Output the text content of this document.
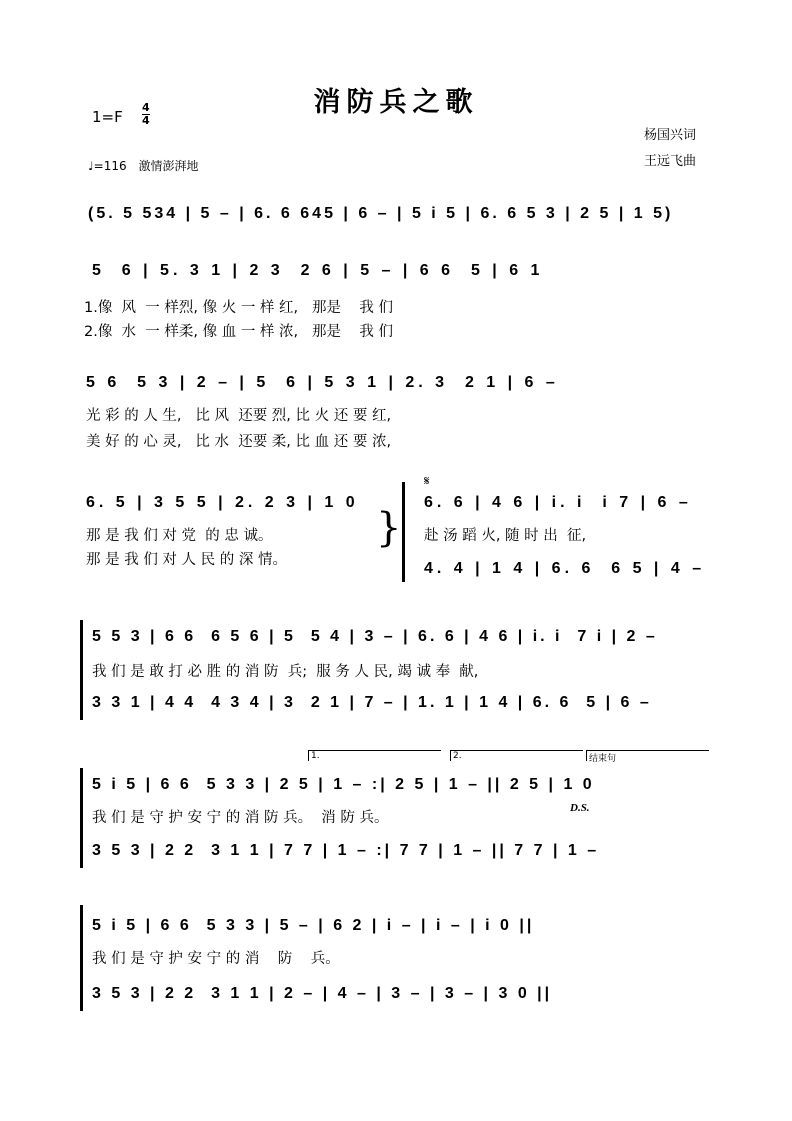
消防兵之歌
$1=F \frac{4}{4}$
♩=116 激情澎湃地
杨国兴词
王远飞曲
(5. 5 534 | 5 – | 6. 6 645 | 6 – | 5 i 5 | 6. 6 5 3 | 2 5 | 1 5)
5  6 | 5. 3 1 | 2 3  2 6 | 5 – | 6 6  5 | 6 1
1.像  风  一 样烈, 像 火 一 样 红,   那是    我 们
2.像  水  一 样柔, 像 血 一 样 浓,   那是    我 们
5 6  5 3 | 2 – | 5  6 | 5 3 1 | 2. 3  2 1 | 6 –
光 彩 的 人 生,   比 风  还要 烈, 比 火 还 要 红,
美 好 的 心 灵,   比 水  还要 柔, 比 血 还 要 浓,
6. 5 | 3 5 5 | 2. 2 3 | 1 0
那 是 我 们 对 党  的 忠 诚。
那 是 我 们 对 人 民 的 深 情。
}
𝄋
6. 6 | 4 6 | i. i  i 7 | 6 –
赴 汤 蹈 火, 随 时 出  征,
4. 4 | 1 4 | 6. 6  6 5 | 4 –
5 5 3 | 6 6  6 5 6 | 5  5 4 | 3 – | 6. 6 | 4 6 | i. i  7 i | 2 –
我 们 是 敢 打 必 胜 的 消 防  兵;  服 务 人 民, 竭 诚 奉  献,
3 3 1 | 4 4  4 3 4 | 3  2 1 | 7 – | 1. 1 | 1 4 | 6. 6  5 | 6 –
1.	2.	结束句
5 i 5 | 6 6  5 3 3 | 2 5 | 1 – :| 2 5 | 1 – || 2 5 | 1 0
我 们 是 守 护 安 宁 的 消 防 兵。  消 防 兵。
D.S.
3 5 3 | 2 2  3 1 1 | 7 7 | 1 – :| 7 7 | 1 – || 7 7 | 1 –
5 i 5 | 6 6  5 3 3 | 5 – | 6 2 | i – | i – | i 0 ||
我 们 是 守 护 安 宁 的 消    防    兵。
3 5 3 | 2 2  3 1 1 | 2 – | 4 – | 3 – | 3 – | 3 0 ||
